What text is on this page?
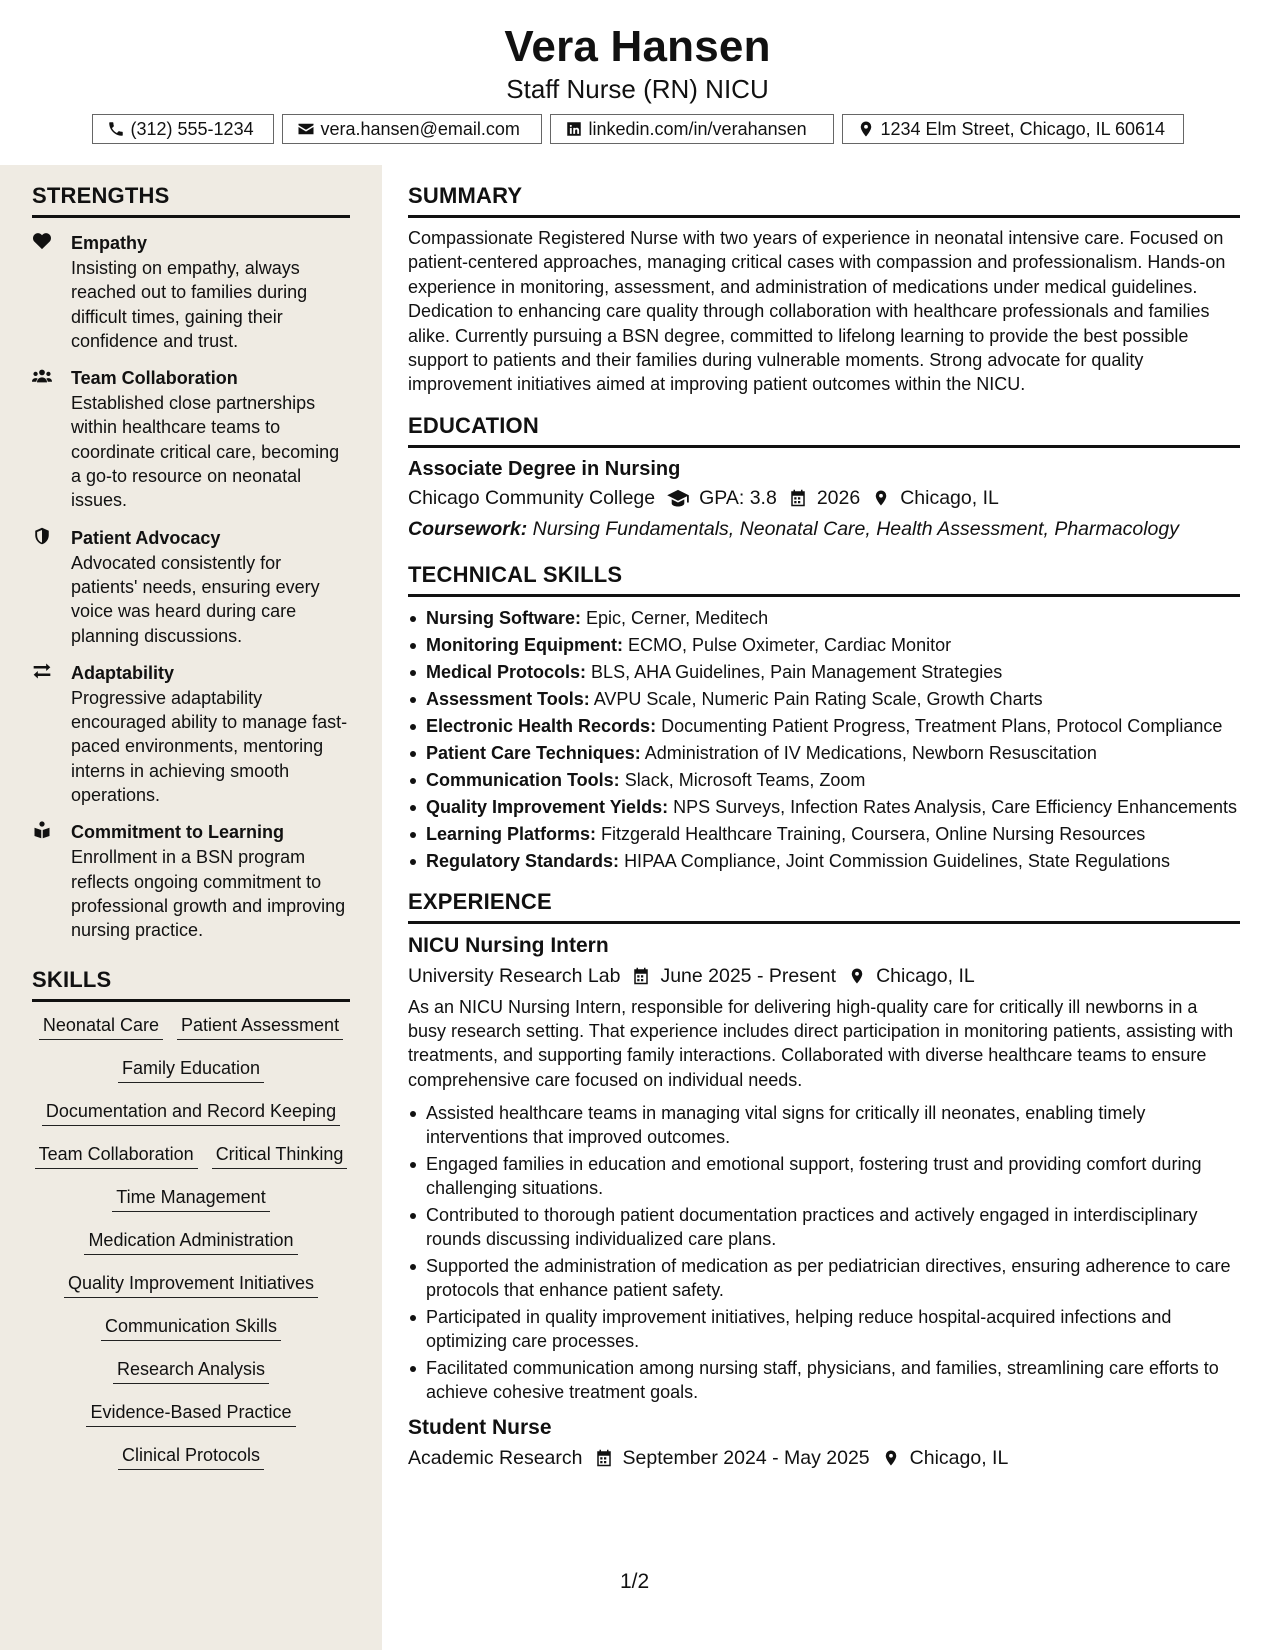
Vera Hansen
Staff Nurse (RN) NICU
(312) 555-1234	vera.hansen@email.com	linkedin.com/in/verahansen	1234 Elm Street, Chicago, IL 60614
STRENGTHS
Empathy
Insisting on empathy, always reached out to families during difficult times, gaining their confidence and trust.
Team Collaboration
Established close partnerships within healthcare teams to coordinate critical care, becoming a go-to resource on neonatal issues.
Patient Advocacy
Advocated consistently for patients' needs, ensuring every voice was heard during care planning discussions.
Adaptability
Progressive adaptability encouraged ability to manage fast-paced environments, mentoring interns in achieving smooth operations.
Commitment to Learning
Enrollment in a BSN program reflects ongoing commitment to professional growth and improving nursing practice.
SKILLS
Neonatal Care Patient Assessment
Family Education
Documentation and Record Keeping
Team Collaboration Critical Thinking
Time Management
Medication Administration
Quality Improvement Initiatives
Communication Skills
Research Analysis
Evidence-Based Practice
Clinical Protocols
SUMMARY
Compassionate Registered Nurse with two years of experience in neonatal intensive care. Focused on patient-centered approaches, managing critical cases with compassion and professionalism. Hands-on experience in monitoring, assessment, and administration of medications under medical guidelines. Dedication to enhancing care quality through collaboration with healthcare professionals and families alike. Currently pursuing a BSN degree, committed to lifelong learning to provide the best possible support to patients and their families during vulnerable moments. Strong advocate for quality improvement initiatives aimed at improving patient outcomes within the NICU.
EDUCATION
Associate Degree in Nursing
Chicago Community College GPA: 3.8 2026 Chicago, IL
Coursework: Nursing Fundamentals, Neonatal Care, Health Assessment, Pharmacology
TECHNICAL SKILLS
Nursing Software: Epic, Cerner, Meditech
Monitoring Equipment: ECMO, Pulse Oximeter, Cardiac Monitor
Medical Protocols: BLS, AHA Guidelines, Pain Management Strategies
Assessment Tools: AVPU Scale, Numeric Pain Rating Scale, Growth Charts
Electronic Health Records: Documenting Patient Progress, Treatment Plans, Protocol Compliance
Patient Care Techniques: Administration of IV Medications, Newborn Resuscitation
Communication Tools: Slack, Microsoft Teams, Zoom
Quality Improvement Yields: NPS Surveys, Infection Rates Analysis, Care Efficiency Enhancements
Learning Platforms: Fitzgerald Healthcare Training, Coursera, Online Nursing Resources
Regulatory Standards: HIPAA Compliance, Joint Commission Guidelines, State Regulations
EXPERIENCE
NICU Nursing Intern
University Research Lab June 2025 - Present Chicago, IL
As an NICU Nursing Intern, responsible for delivering high-quality care for critically ill newborns in a busy research setting. That experience includes direct participation in monitoring patients, assisting with treatments, and supporting family interactions. Collaborated with diverse healthcare teams to ensure comprehensive care focused on individual needs.
Assisted healthcare teams in managing vital signs for critically ill neonates, enabling timely interventions that improved outcomes.
Engaged families in education and emotional support, fostering trust and providing comfort during challenging situations.
Contributed to thorough patient documentation practices and actively engaged in interdisciplinary rounds discussing individualized care plans.
Supported the administration of medication as per pediatrician directives, ensuring adherence to care protocols that enhance patient safety.
Participated in quality improvement initiatives, helping reduce hospital-acquired infections and optimizing care processes.
Facilitated communication among nursing staff, physicians, and families, streamlining care efforts to achieve cohesive treatment goals.
Student Nurse
Academic Research September 2024 - May 2025 Chicago, IL
1/2
